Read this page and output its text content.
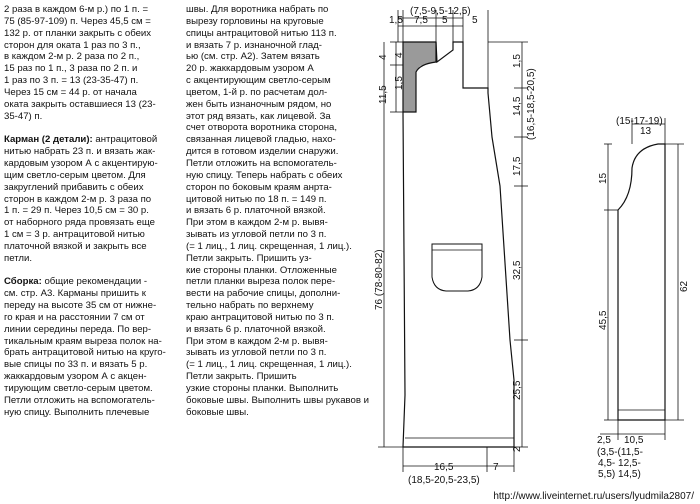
2 раза в каждом 6-м р.) по 1 п. =
75 (85-97-109) п. Через 45,5 см =
132 р. от планки закрыть с обеих
сторон для оката 1 раз по 3 п.,
в каждом 2-м р. 2 раза по 2 п.,
15 раз по 1 п., 3 раза по 2 п. и
1 раз по 3 п. = 13 (23-35-47) п.
Через 15 см = 44 р. от начала
оката закрыть оставшиеся 13 (23-
35-47) п.
Карман (2 детали): антрацитовой
нитью набрать 23 п. и вязать жак-
кардовым узором А с акцентирую-
щим светло-серым цветом. Для
закруглений прибавить с обеих
сторон в каждом 2-м р. 3 раза по
1 п. = 29 п. Через 10,5 см = 30 р.
от наборного ряда провязать еще
1 см = 3 р. антрацитовой нитью
платочной вязкой и закрыть все
петли.
Сборка: общие рекомендации -
см. стр. А3. Карманы пришить к
переду на высоте 35 см от нижне-
го края и на расстоянии 7 см от
линии середины переда. По вер-
тикальным краям выреза полок на-
брать антрацитовой нитью на круго-
вые спицы по 33 п. и вязать 5 р.
жаккардовым узором А с акцен-
тирующим светло-серым цветом.
Петли отложить на вспомогатель-
ную спицу. Выполнить плечевые
швы. Для воротника набрать по
вырезу горловины на круговые
спицы антрацитовой нитью 113 п.
и вязать 7 р. изнаночной глад-
ью (см. стр. А2). Затем вязать
20 р. жаккардовым узором А
с акцентирующим светло-серым
цветом, 1-й р. по расчетам дол-
жен быть изнаночным рядом, но
этот ряд вязать, как лицевой. За
счет отворота воротника сторона,
связанная лицевой гладью, нахо-
дится в готовом изделии снаружи.
Петли отложить на вспомогатель-
ную спицу. Теперь набрать с обеих
сторон по боковым краям анрта-
цитовой нитью по 18 п. = 149 п.
и вязать 6 р. платочной вязкой.
При этом в каждом 2-м р. вывя-
зывать из угловой петли по 3 п.
(= 1 лиц., 1 лиц. скрещенная, 1 лиц.).
Петли закрыть. Пришить уз-
кие стороны планки. Отложенные
петли планки выреза полок пере-
вести на рабочие спицы, дополни-
тельно набрать по верхнему
краю антрацитовой нитью по 3 п.
и вязать 6 р. платочной вязкой.
При этом в каждом 2-м р. вывя-
зывать из угловой петли по 3 п.
(= 1 лиц., 1 лиц. скрещенная, 1 лиц.).
Петли закрыть. Пришить
узкие стороны планки. Выполнить
боковые швы. Выполнить швы рукавов и
боковые швы.
(7,5-9,5-12,5)
1,5 7,5 5 5
11,5
4
1,5
4	1,5
14,5 (16,5-18,5-20,5)
17,5
76 (78-80-82)	32,5
25,5
2
16,5	7
(18,5-20,5-23,5)
(15-17-19)
13
15
45,5
62
2,5 10,5
(3,5-(11,5-
4,5- 12,5-
5,5) 14,5)
http://www.liveinternet.ru/users/lyudmila2807/
